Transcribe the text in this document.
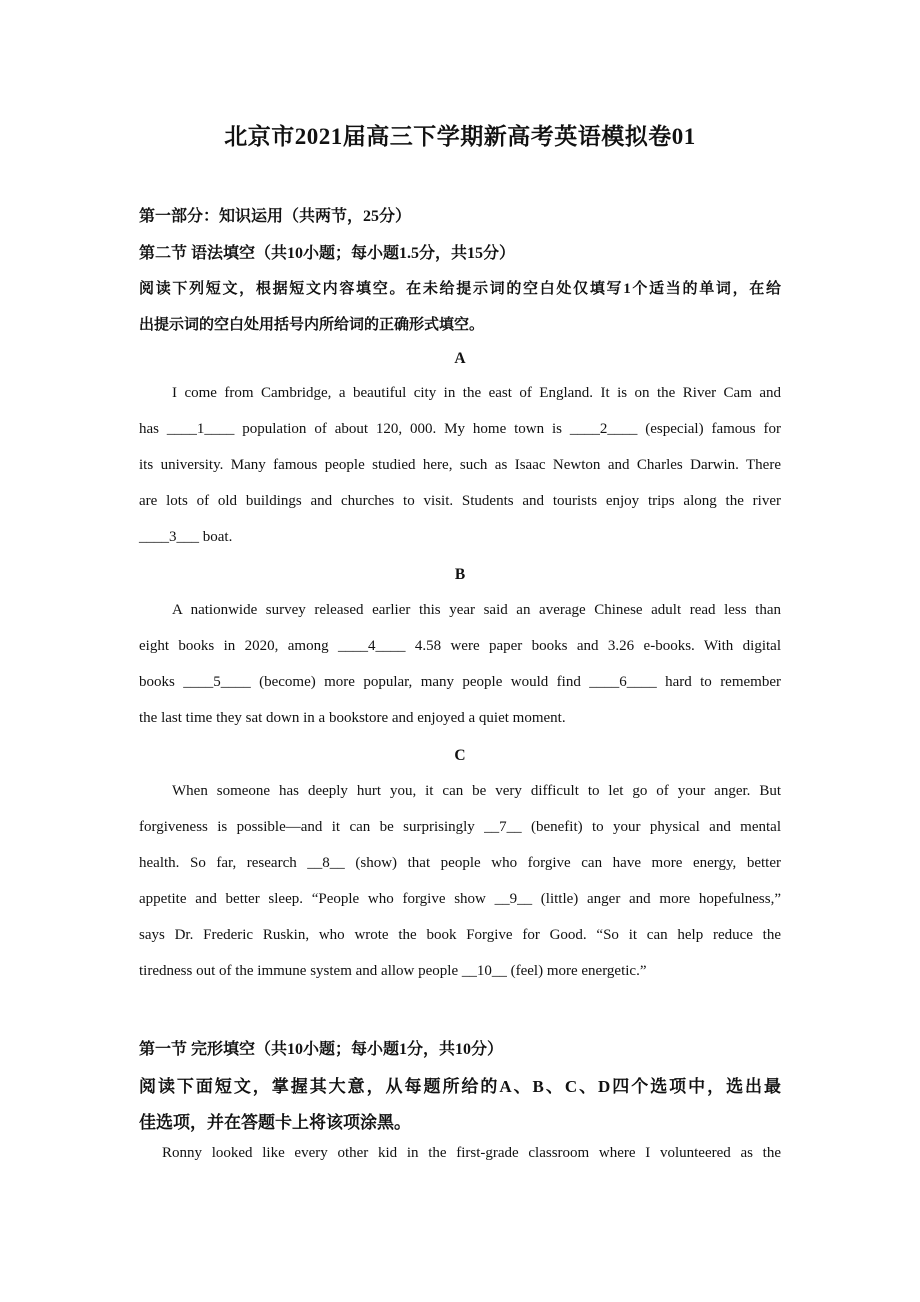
北京市2021届高三下学期新高考英语模拟卷01
第一部分：知识运用（共两节，25分）
第二节 语法填空（共10小题；每小题1.5分，共15分）
阅读下列短文，根据短文内容填空。在未给提示词的空白处仅填写1个适当的单词，在给
出提示词的空白处用括号内所给词的正确形式填空。
A
I come from Cambridge, a beautiful city in the east of England. It is on the River Cam and
has ____1____ population of about 120, 000. My home town is ____2____ (especial) famous for
its university. Many famous people studied here, such as Isaac Newton and Charles Darwin. There
are lots of old buildings and churches to visit. Students and tourists enjoy trips along the river
____3___ boat.
B
A nationwide survey released earlier this year said an average Chinese adult read less than
eight books in 2020, among ____4____ 4.58 were paper books and 3.26 e-books. With digital
books ____5____ (become) more popular, many people would find ____6____ hard to remember
the last time they sat down in a bookstore and enjoyed a quiet moment.
C
When someone has deeply hurt you, it can be very difficult to let go of your anger. But
forgiveness is possible—and it can be surprisingly __7__ (benefit) to your physical and mental
health. So far, research __8__ (show) that people who forgive can have more energy, better
appetite and better sleep. “People who forgive show __9__ (little) anger and more hopefulness,”
says Dr. Frederic Ruskin, who wrote the book Forgive for Good. “So it can help reduce the
tiredness out of the immune system and allow people __10__ (feel) more energetic.”
第一节 完形填空（共10小题；每小题1分，共10分）
阅读下面短文，掌握其大意，从每题所给的A、B、C、D四个选项中，选出最
佳选项，并在答题卡上将该项涂黑。
Ronny looked like every other kid in the first-grade classroom where I volunteered as the
